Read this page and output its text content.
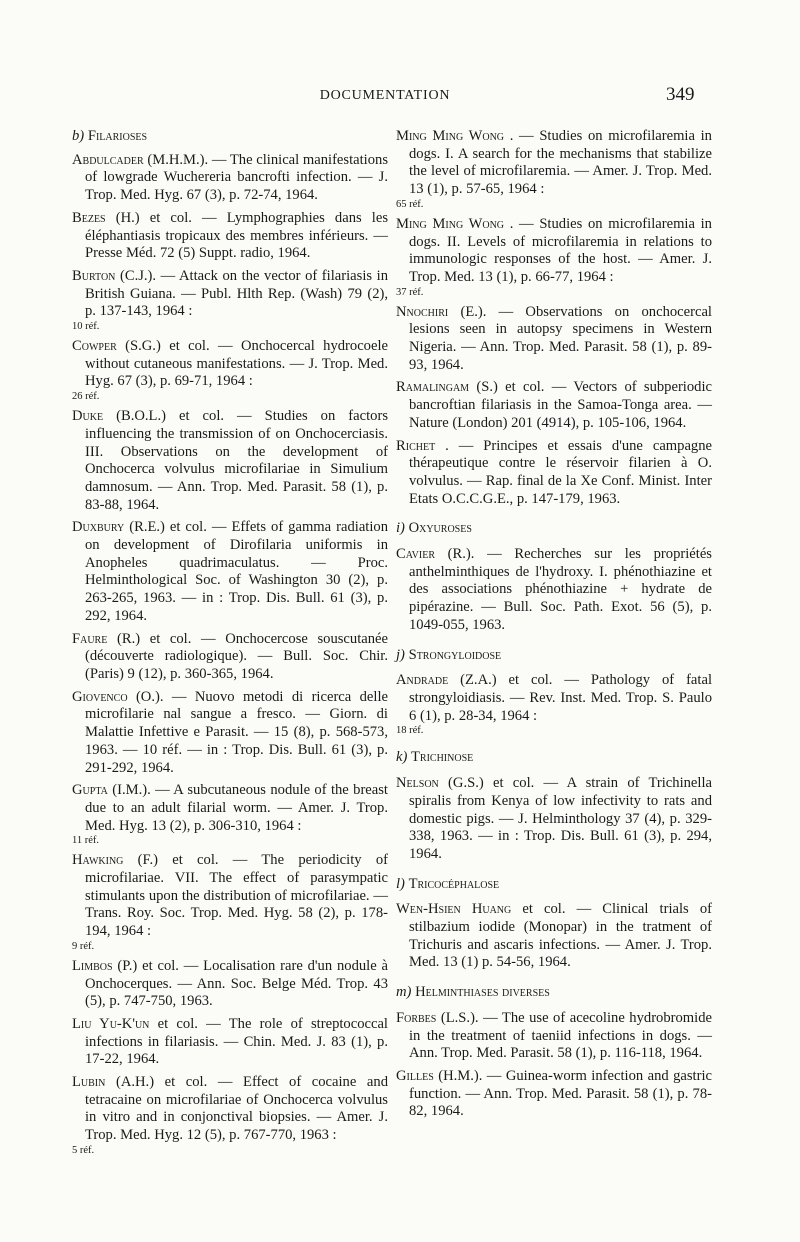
DOCUMENTATION	349
b) Filarioses
Abdulcader (M.H.M.). — The clinical manifestations of lowgrade Wuchereria bancrofti infection. — J. Trop. Med. Hyg. 67 (3), p. 72-74, 1964.
Bezes (H.) et col. — Lymphographies dans les éléphantiasis tropicaux des membres inférieurs. — Presse Méd. 72 (5) Suppt. radio, 1964.
Burton (C.J.). — Attack on the vector of filariasis in British Guiana. — Publ. Hlth Rep. (Wash) 79 (2), p. 137-143, 1964 :
10 réf.
Cowper (S.G.) et col. — Onchocercal hydrocoele without cutaneous manifestations. — J. Trop. Med. Hyg. 67 (3), p. 69-71, 1964 :
26 réf.
Duke (B.O.L.) et col. — Studies on factors influencing the transmission of on Onchocerciasis. III. Observations on the development of Onchocerca volvulus microfilariae in Simulium damnosum. — Ann. Trop. Med. Parasit. 58 (1), p. 83-88, 1964.
Duxbury (R.E.) et col. — Effets of gamma radiation on development of Dirofilaria uniformis in Anopheles quadrimaculatus. — Proc. Helminthological Soc. of Washington 30 (2), p. 263-265, 1963. — in : Trop. Dis. Bull. 61 (3), p. 292, 1964.
Faure (R.) et col. — Onchocercose souscutanée (découverte radiologique). — Bull. Soc. Chir. (Paris) 9 (12), p. 360-365, 1964.
Giovenco (O.). — Nuovo metodi di ricerca delle microfilarie nal sangue a fresco. — Giorn. di Malattie Infettive e Parasit. — 15 (8), p. 568-573, 1963. — 10 réf. — in : Trop. Dis. Bull. 61 (3), p. 291-292, 1964.
Gupta (I.M.). — A subcutaneous nodule of the breast due to an adult filarial worm. — Amer. J. Trop. Med. Hyg. 13 (2), p. 306-310, 1964 :
11 réf.
Hawking (F.) et col. — The periodicity of microfilariae. VII. The effect of parasympatic stimulants upon the distribution of microfilariae. — Trans. Roy. Soc. Trop. Med. Hyg. 58 (2), p. 178-194, 1964 :
9 réf.
Limbos (P.) et col. — Localisation rare d'un nodule à Onchocerques. — Ann. Soc. Belge Méd. Trop. 43 (5), p. 747-750, 1963.
Liu Yu-K'un et col. — The role of streptococcal infections in filariasis. — Chin. Med. J. 83 (1), p. 17-22, 1964.
Lubin (A.H.) et col. — Effect of cocaine and tetracaine on microfilariae of Onchocerca volvulus in vitro and in conjonctival biopsies. — Amer. J. Trop. Med. Hyg. 12 (5), p. 767-770, 1963 :
5 réf.
Ming Ming Wong . — Studies on microfilaremia in dogs. I. A search for the mechanisms that stabilize the level of microfilaremia. — Amer. J. Trop. Med. 13 (1), p. 57-65, 1964 :
65 réf.
Ming Ming Wong . — Studies on microfilaremia in dogs. II. Levels of microfilaremia in relations to immunologic responses of the host. — Amer. J. Trop. Med. 13 (1), p. 66-77, 1964 :
37 réf.
Nnochiri (E.). — Observations on onchocercal lesions seen in autopsy specimens in Western Nigeria. — Ann. Trop. Med. Parasit. 58 (1), p. 89-93, 1964.
Ramalingam (S.) et col. — Vectors of subperiodic bancroftian filariasis in the Samoa-Tonga area. — Nature (London) 201 (4914), p. 105-106, 1964.
Richet . — Principes et essais d'une campagne thérapeutique contre le réservoir filarien à O. volvulus. — Rap. final de la Xe Conf. Minist. Inter Etats O.C.C.G.E., p. 147-179, 1963.
i) Oxyuroses
Cavier (R.). — Recherches sur les propriétés anthelminthiques de l'hydroxy. I. phénothiazine et des associations phénothiazine + hydrate de pipérazine. — Bull. Soc. Path. Exot. 56 (5), p. 1049-055, 1963.
j) Strongyloidose
Andrade (Z.A.) et col. — Pathology of fatal strongyloidiasis. — Rev. Inst. Med. Trop. S. Paulo 6 (1), p. 28-34, 1964 :
18 réf.
k) Trichinose
Nelson (G.S.) et col. — A strain of Trichinella spiralis from Kenya of low infectivity to rats and domestic pigs. — J. Helminthology 37 (4), p. 329-338, 1963. — in : Trop. Dis. Bull. 61 (3), p. 294, 1964.
l) Tricocéphalose
Wen-Hsien Huang et col. — Clinical trials of stilbazium iodide (Monopar) in the tratment of Trichuris and ascaris infections. — Amer. J. Trop. Med. 13 (1) p. 54-56, 1964.
m) Helminthiases diverses
Forbes (L.S.). — The use of acecoline hydrobromide in the treatment of taeniid infections in dogs. — Ann. Trop. Med. Parasit. 58 (1), p. 116-118, 1964.
Gilles (H.M.). — Guinea-worm infection and gastric function. — Ann. Trop. Med. Parasit. 58 (1), p. 78-82, 1964.
